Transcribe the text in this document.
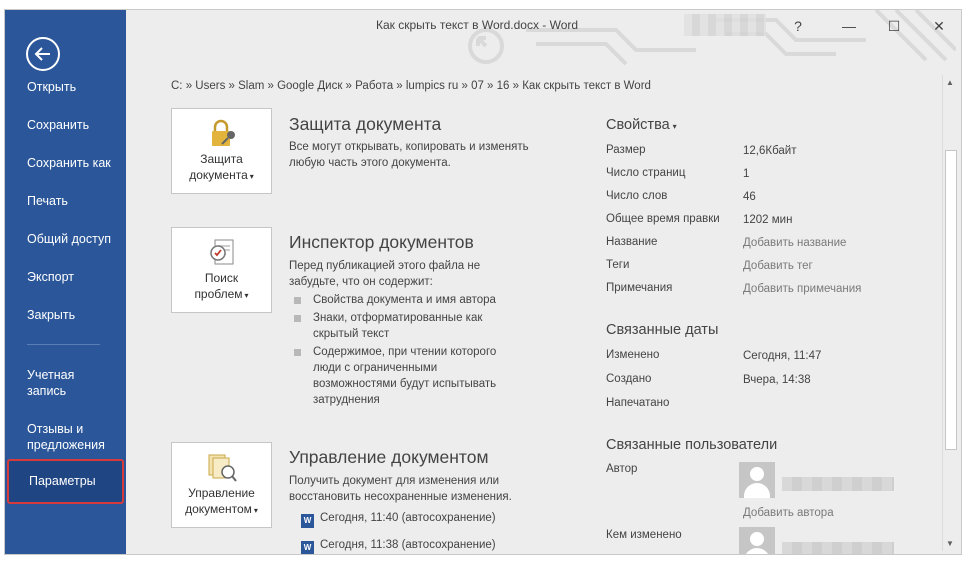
Открыть
Сохранить
Сохранить как
Печать
Общий доступ
Экспорт
Закрыть
Учетная
запись
Отзывы и
предложения
Параметры
Как скрыть текст в Word.docx - Word	?	—	☐	✕
C: » Users » Slam » Google Диск » Работа » lumpics ru » 07 » 16 » Как скрыть текст в Word
Защита
документа ▾
Защита документа
Все могут открывать, копировать и изменять любую часть этого документа.
Поиск
проблем ▾
Инспектор документов
Перед публикацией этого файла не забудьте, что он содержит:
Свойства документа и имя автора
Знаки, отформатированные как скрытый текст
Содержимое, при чтении которого люди с ограниченными возможностями будут испытывать затруднения
Управление
документом ▾
Управление документом
Получить документ для изменения или восстановить несохраненные изменения.
W Сегодня, 11:40 (автосохранение)
W Сегодня, 11:38 (автосохранение)
Свойства ▾
Размер	12,6Кбайт
Число страниц	1
Число слов	46
Общее время правки 1202 мин
Название	Добавить название
Теги	Добавить тег
Примечания	Добавить примечания
Связанные даты
Изменено	Сегодня, 11:47
Создано	Вчера, 14:38
Напечатано
Связанные пользователи
Автор
Добавить автора
Кем изменено
▲
▼
